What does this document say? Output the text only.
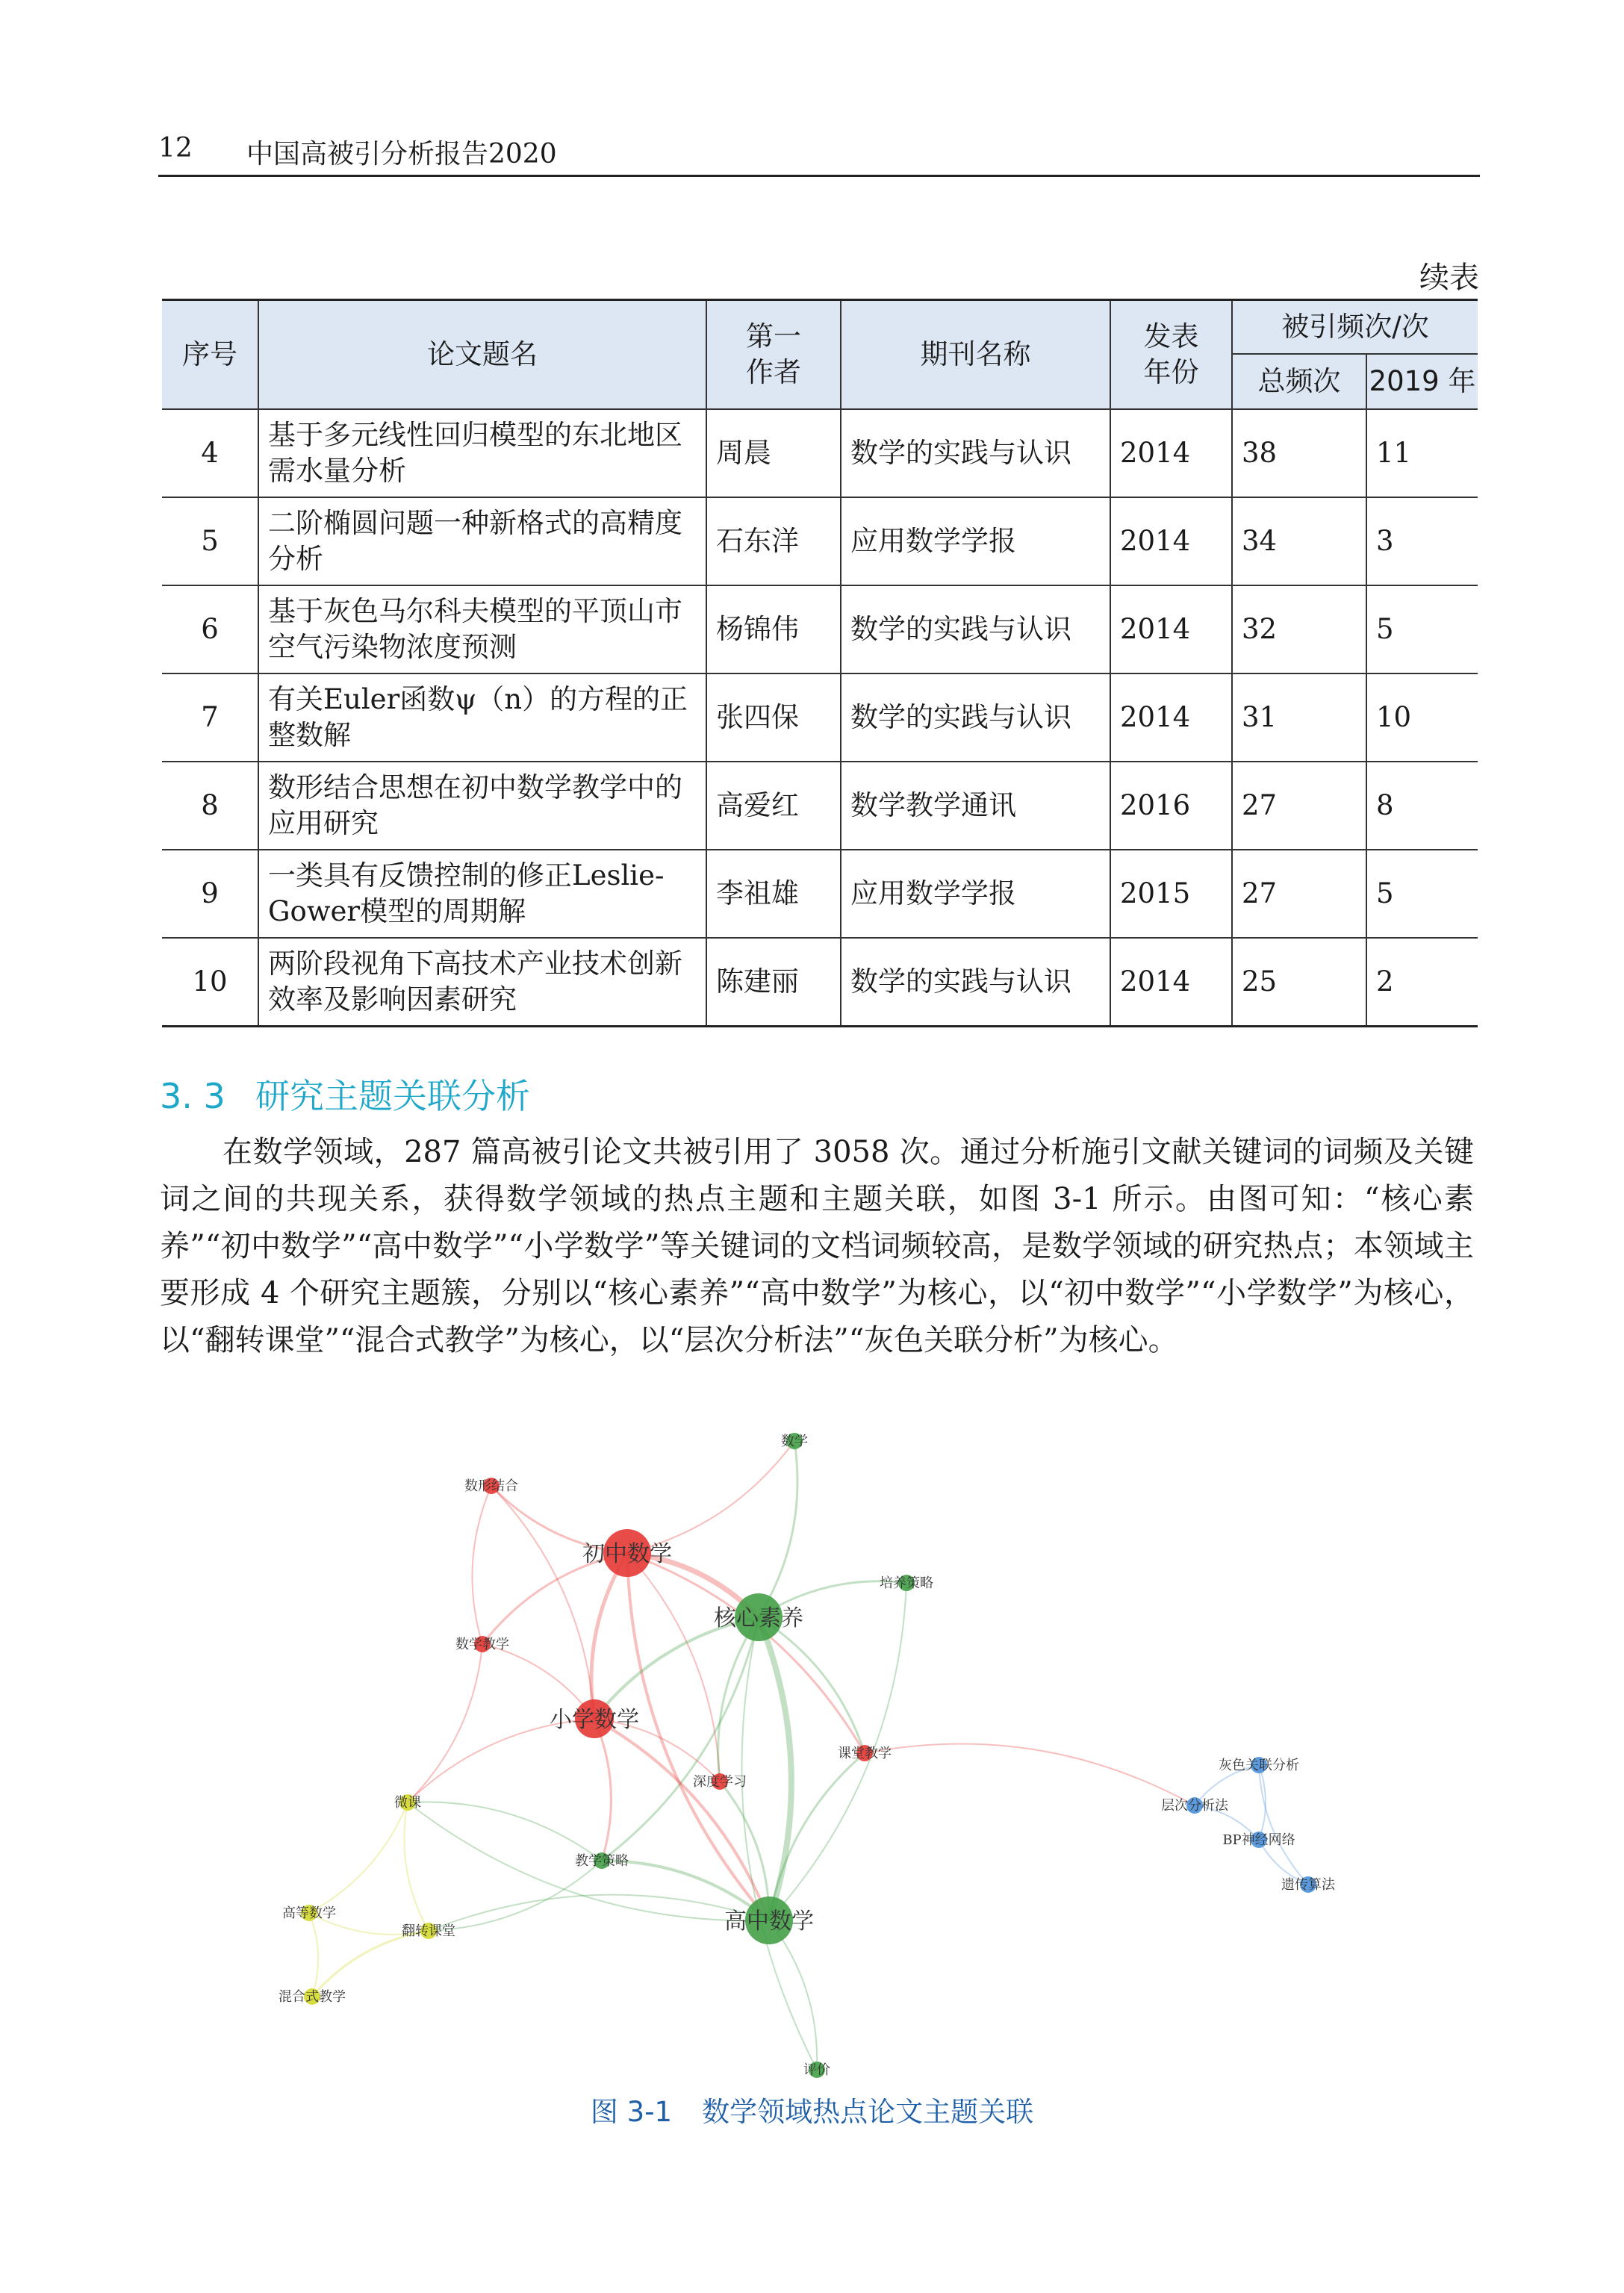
12 中国高被引分析报告2020
续表
序号	论文题名	第一作者	期刊名称	发表年份	被引频次/次	
					总频次	2019 年
4	基于多元线性回归模型的东北地区需水量分析	周晨	数学的实践与认识	2014	38	11
5	二阶椭圆问题一种新格式的高精度分析	石东洋	应用数学学报	2014	34	3
6	基于灰色马尔科夫模型的平顶山市空气污染物浓度预测	杨锦伟	数学的实践与认识	2014	32	5
7	有关Euler函数ψ（n）的方程的正整数解	张四保	数学的实践与认识	2014	31	10
8	数形结合思想在初中数学教学中的应用研究	高爱红	数学教学通讯	2016	27	8
9	一类具有反馈控制的修正Leslie-Gower模型的周期解	李祖雄	应用数学学报	2015	27	5
10	两阶段视角下高技术产业技术创新效率及影响因素研究	陈建丽	数学的实践与认识	2014	25	2
3. 3 研究主题关联分析
在数学领域，287 篇高被引论文共被引用了 3058 次。通过分析施引文献关键词的词频及关键词之间的共现关系，获得数学领域的热点主题和主题关联，如图 3-1 所示。由图可知：“核心素养”“初中数学”“高中数学”“小学数学”等关键词的文档词频较高，是数学领域的研究热点；本领域主要形成 4 个研究主题簇，分别以“核心素养”“高中数学”为核心，以“初中数学”“小学数学”为核心，以“翻转课堂”“混合式教学”为核心，以“层次分析法”“灰色关联分析”为核心。
初中数学
核心素养
小学数学
高中数学
数学
数形结合
培养策略
数学教学
课堂教学
深度学习
微课
教学策略
高等数学
翻转课堂
混合式教学
评价
灰色关联分析
层次分析法
BP神经网络
遗传算法
图 3-1 数学领域热点论文主题关联
